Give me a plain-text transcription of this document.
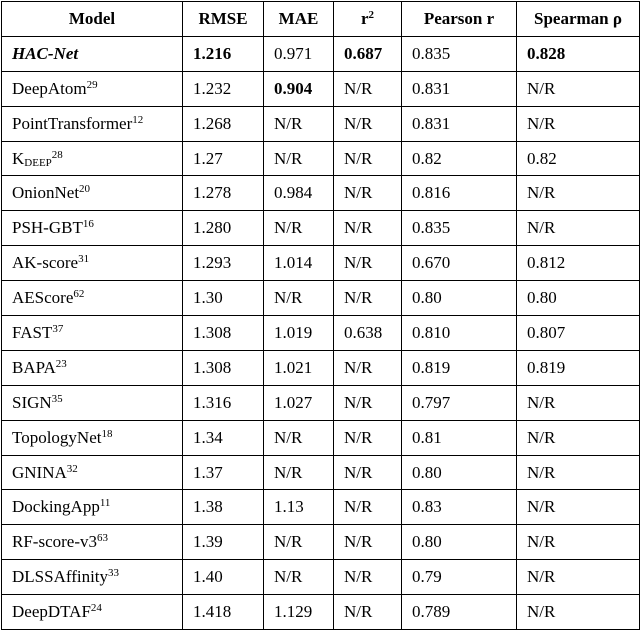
Model	RMSE	MAE	$r^2$	Pearson r	Spearman ρ
HAC-Net	1.216	0.971	0.687	0.835	0.828
DeepAtom$^{29}$	1.232	0.904	N/R	0.831	N/R
PointTransformer$^{12}$	1.268	N/R	N/R	0.831	N/R
$K_{DEEP}^{28}$	1.27	N/R	N/R	0.82	0.82
OnionNet$^{20}$	1.278	0.984	N/R	0.816	N/R
PSH-GBT$^{16}$	1.280	N/R	N/R	0.835	N/R
AK-score$^{31}$	1.293	1.014	N/R	0.670	0.812
AEScore$^{62}$	1.30	N/R	N/R	0.80	0.80
FAST$^{37}$	1.308	1.019	0.638	0.810	0.807
BAPA$^{23}$	1.308	1.021	N/R	0.819	0.819
SIGN$^{35}$	1.316	1.027	N/R	0.797	N/R
TopologyNet$^{18}$	1.34	N/R	N/R	0.81	N/R
GNINA$^{32}$	1.37	N/R	N/R	0.80	N/R
DockingApp$^{11}$	1.38	1.13	N/R	0.83	N/R
$RF-score-v3^{63}$	1.39	N/R	N/R	0.80	N/R
DLSSAffinity$^{33}$	1.40	N/R	N/R	0.79	N/R
DeepDTAF$^{24}$	1.418	1.129	N/R	0.789	N/R
